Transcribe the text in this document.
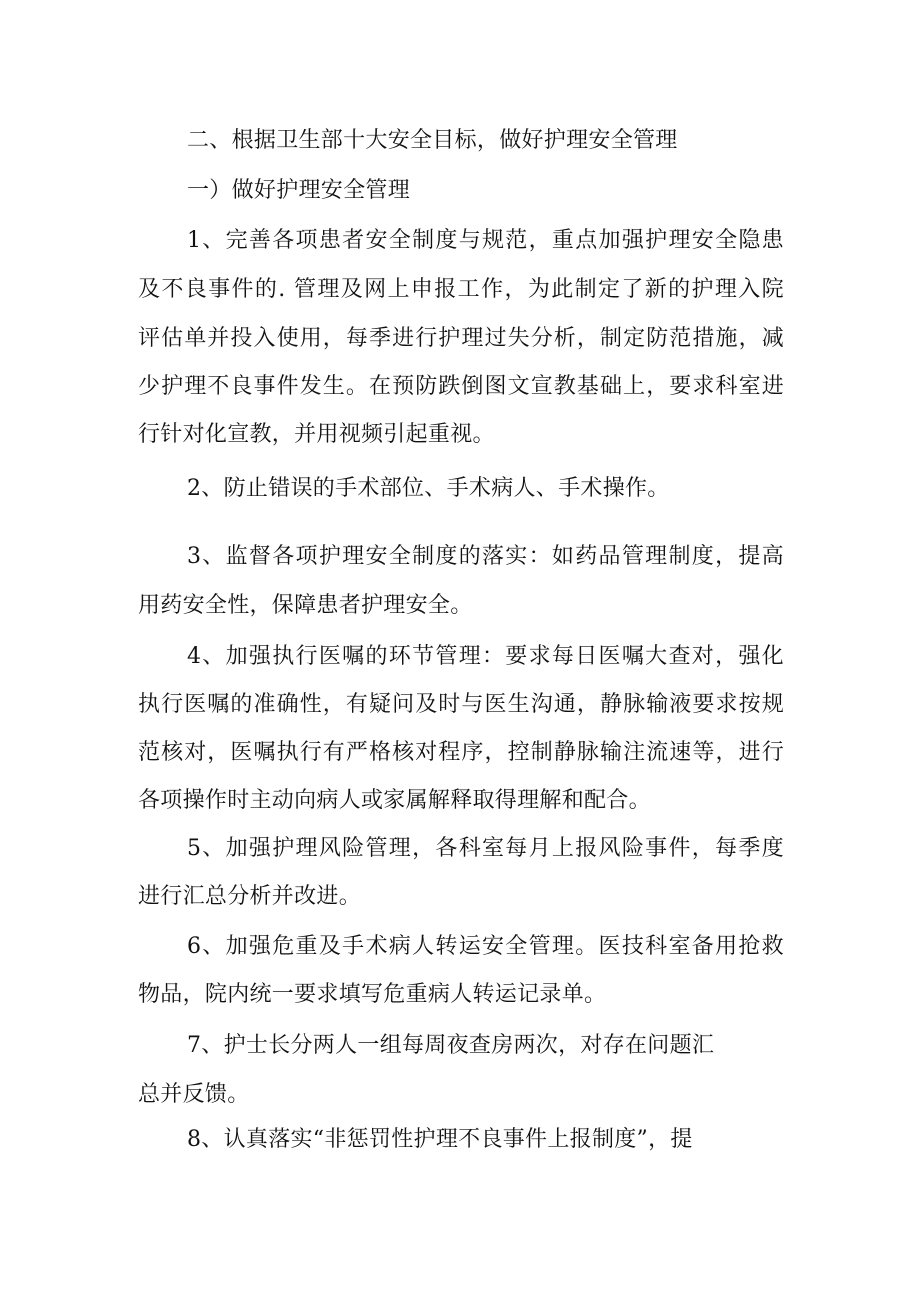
二、根据卫生部十大安全目标，做好护理安全管理
一）做好护理安全管理
1、完善各项患者安全制度与规范，重点加强护理安全隐患
及不良事件的. 管理及网上申报工作，为此制定了新的护理入院
评估单并投入使用，每季进行护理过失分析，制定防范措施，减
少护理不良事件发生。在预防跌倒图文宣教基础上，要求科室进
行针对化宣教，并用视频引起重视。
2、防止错误的手术部位、手术病人、手术操作。
3、监督各项护理安全制度的落实：如药品管理制度，提高
用药安全性，保障患者护理安全。
4、加强执行医嘱的环节管理：要求每日医嘱大查对，强化
执行医嘱的准确性，有疑问及时与医生沟通，静脉输液要求按规
范核对，医嘱执行有严格核对程序，控制静脉输注流速等，进行
各项操作时主动向病人或家属解释取得理解和配合。
5、加强护理风险管理，各科室每月上报风险事件，每季度
进行汇总分析并改进。
6、加强危重及手术病人转运安全管理。医技科室备用抢救
物品，院内统一要求填写危重病人转运记录单。
7、护士长分两人一组每周夜查房两次，对存在问题汇
总并反馈。
8、认真落实“非惩罚性护理不良事件上报制度”，提
